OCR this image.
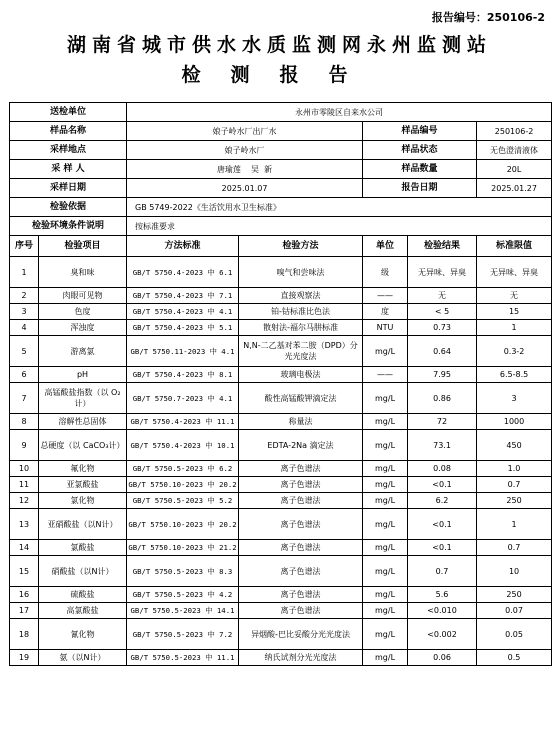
报告编号：250106-2
湖南省城市供水水质监测网永州监测站
检测报告
送检单位		永州市零陵区自来水公司				
样品名称		娘子岭水厂出厂水		样品编号		250106-2
采样地点		娘子岭水厂		样品状态		无色澄清液体
采 样 人		唐瑜莲    吴  新		样品数量		20L
采样日期		2025.01.07		报告日期		2025.01.27
检验依据		GB 5749-2022《生活饮用水卫生标准》				
检验环境条件说明		按标准要求				
序号	检验项目	方法标准	检验方法	单位	检验结果	标准限值
1	臭和味	GB/T 5750.4-2023 中 6.1	嗅气和尝味法	级	无异味、异臭	无异味、异臭
2	肉眼可见物	GB/T 5750.4-2023 中 7.1	直接观察法	——	无	无
3	色度	GB/T 5750.4-2023 中 4.1	铂-钴标准比色法	度	< 5	15
4	浑浊度	GB/T 5750.4-2023 中 5.1	散射法-福尔马肼标准	NTU	0.73	1
5	游离氯	GB/T 5750.11-2023 中 4.1	N,N-二乙基对苯二胺（DPD）分光光度法	mg/L	0.64	0.3-2
6	pH	GB/T 5750.4-2023 中 8.1	玻璃电极法	——	7.95	6.5-8.5
7	高锰酸盐指数（以 O₂计）	GB/T 5750.7-2023 中 4.1	酸性高锰酸钾滴定法	mg/L	0.86	3
8	溶解性总固体	GB/T 5750.4-2023 中 11.1	称量法	mg/L	72	1000
9	总硬度（以 CaCO₃计）	GB/T 5750.4-2023 中 10.1	EDTA-2Na 滴定法	mg/L	73.1	450
10	氟化物	GB/T 5750.5-2023 中 6.2	离子色谱法	mg/L	0.08	1.0
11	亚氯酸盐	GB/T 5750.10-2023 中 20.2	离子色谱法	mg/L	<0.1	0.7
12	氯化物	GB/T 5750.5-2023 中 5.2	离子色谱法	mg/L	6.2	250
13	亚硝酸盐（以N计）	GB/T 5750.10-2023 中 20.2	离子色谱法	mg/L	<0.1	1
14	氯酸盐	GB/T 5750.10-2023 中 21.2	离子色谱法	mg/L	<0.1	0.7
15	硝酸盐（以N计）	GB/T 5750.5-2023 中 8.3	离子色谱法	mg/L	0.7	10
16	硫酸盐	GB/T 5750.5-2023 中 4.2	离子色谱法	mg/L	5.6	250
17	高氯酸盐	GB/T 5750.5-2023 中 14.1	离子色谱法	mg/L	<0.010	0.07
18	氰化物	GB/T 5750.5-2023 中 7.2	异烟酸-巴比妥酸分光光度法	mg/L	<0.002	0.05
19	氨（以N计）	GB/T 5750.5-2023 中 11.1	纳氏试剂分光光度法	mg/L	0.06	0.5
